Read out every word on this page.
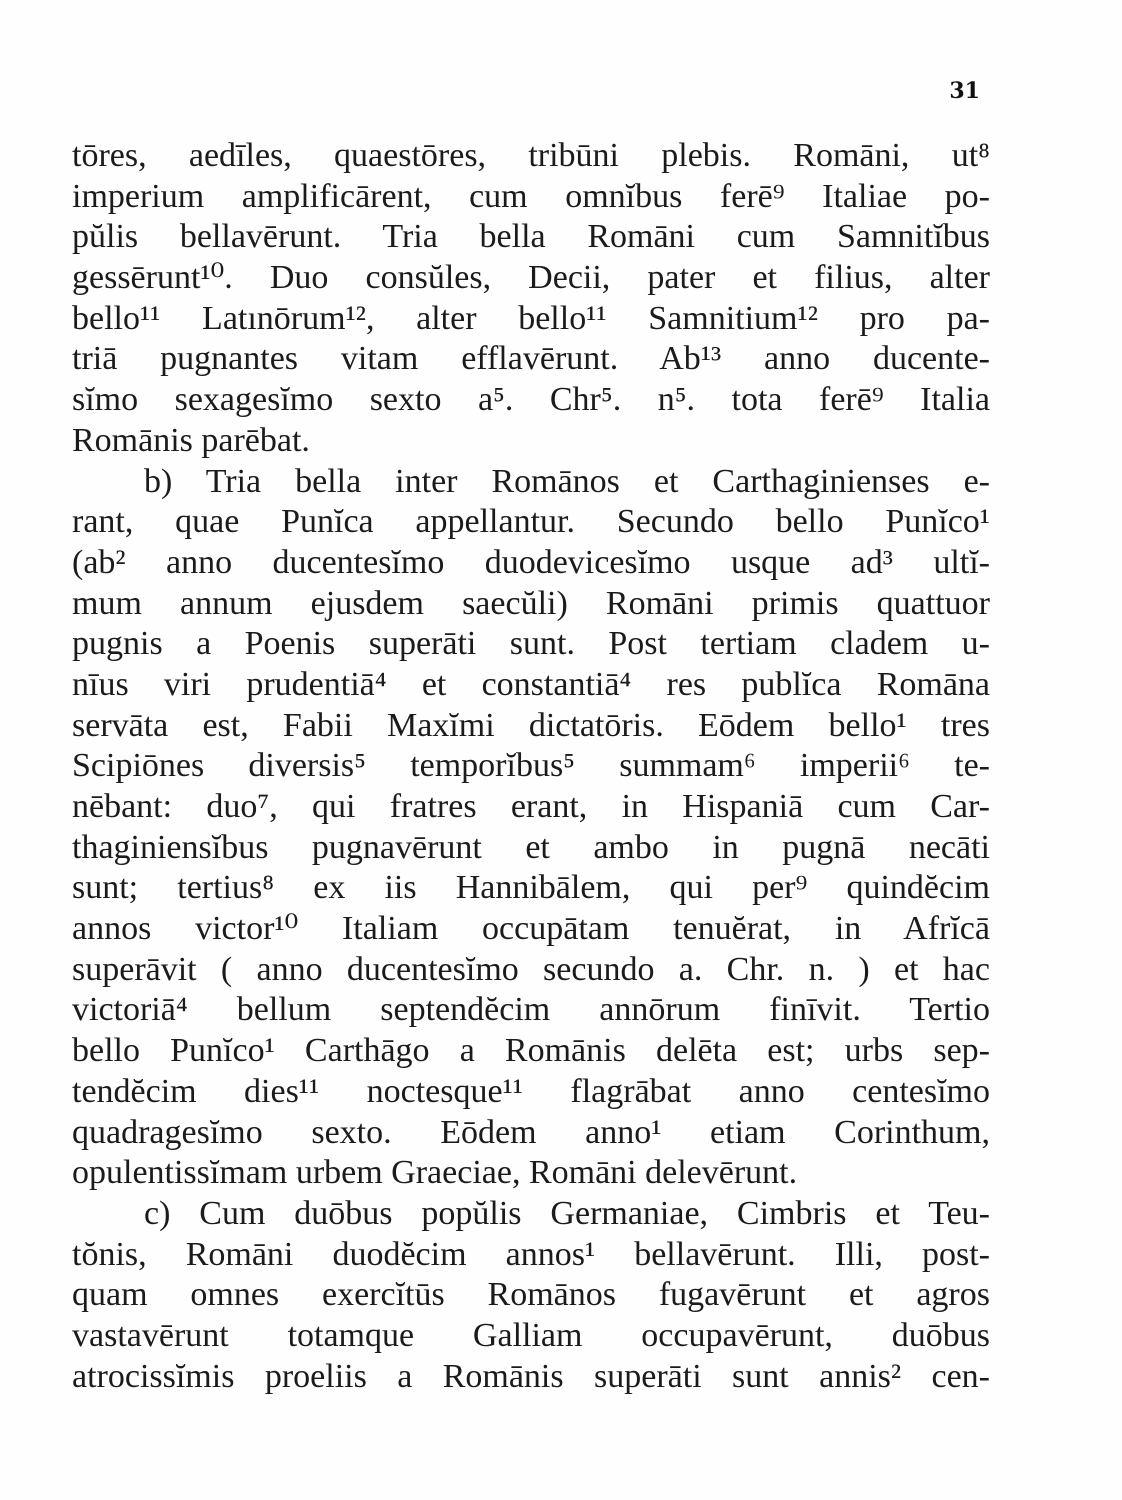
31
tōres, aedīles, quaestōres, tribūni plebis. Romāni, ut⁸
imperium amplificārent, cum omnĭbus ferē⁹ Italiae po-
pŭlis bellavērunt. Tria bella Romāni cum Samnitĭbus
gessērunt¹⁰. Duo consŭles, Decii, pater et filius, alter
bello¹¹ Latınōrum¹², alter bello¹¹ Samnitium¹² pro pa-
triā pugnantes vitam efflavērunt. Ab¹³ anno ducente-
sĭmo sexagesĭmo sexto a⁵. Chr⁵. n⁵. tota ferē⁹ Italia
Romānis parēbat.
b) Tria bella inter Romānos et Carthaginienses e-
rant, quae Punĭca appellantur. Secundo bello Punĭco¹
(ab² anno ducentesĭmo duodevicesĭmo usque ad³ ultĭ-
mum annum ejusdem saecŭli) Romāni primis quattuor
pugnis a Poenis superāti sunt. Post tertiam cladem u-
nīus viri prudentiā⁴ et constantiā⁴ res publĭca Romāna
servāta est, Fabii Maxĭmi dictatōris. Eōdem bello¹ tres
Scipiōnes diversis⁵ temporĭbus⁵ summam⁶ imperii⁶ te-
nēbant: duo⁷, qui fratres erant, in Hispaniā cum Car-
thaginiensĭbus pugnavērunt et ambo in pugnā necāti
sunt; tertius⁸ ex iis Hannibālem, qui per⁹ quindĕcim
annos victor¹⁰ Italiam occupātam tenuĕrat, in Afrĭcā
superāvit ( anno ducentesĭmo secundo a. Chr. n. ) et hac
victoriā⁴ bellum septendĕcim annōrum finīvit. Tertio
bello Punĭco¹ Carthāgo a Romānis delēta est; urbs sep-
tendĕcim dies¹¹ noctesque¹¹ flagrābat anno centesĭmo
quadragesĭmo sexto. Eōdem anno¹ etiam Corinthum,
opulentissĭmam urbem Graeciae, Romāni delevērunt.
c) Cum duōbus popŭlis Germaniae, Cimbris et Teu-
tŏnis, Romāni duodĕcim annos¹ bellavērunt. Illi, post-
quam omnes exercĭtūs Romānos fugavērunt et agros
vastavērunt totamque Galliam occupavērunt, duōbus
atrocissĭmis proeliis a Romānis superāti sunt annis² cen-
